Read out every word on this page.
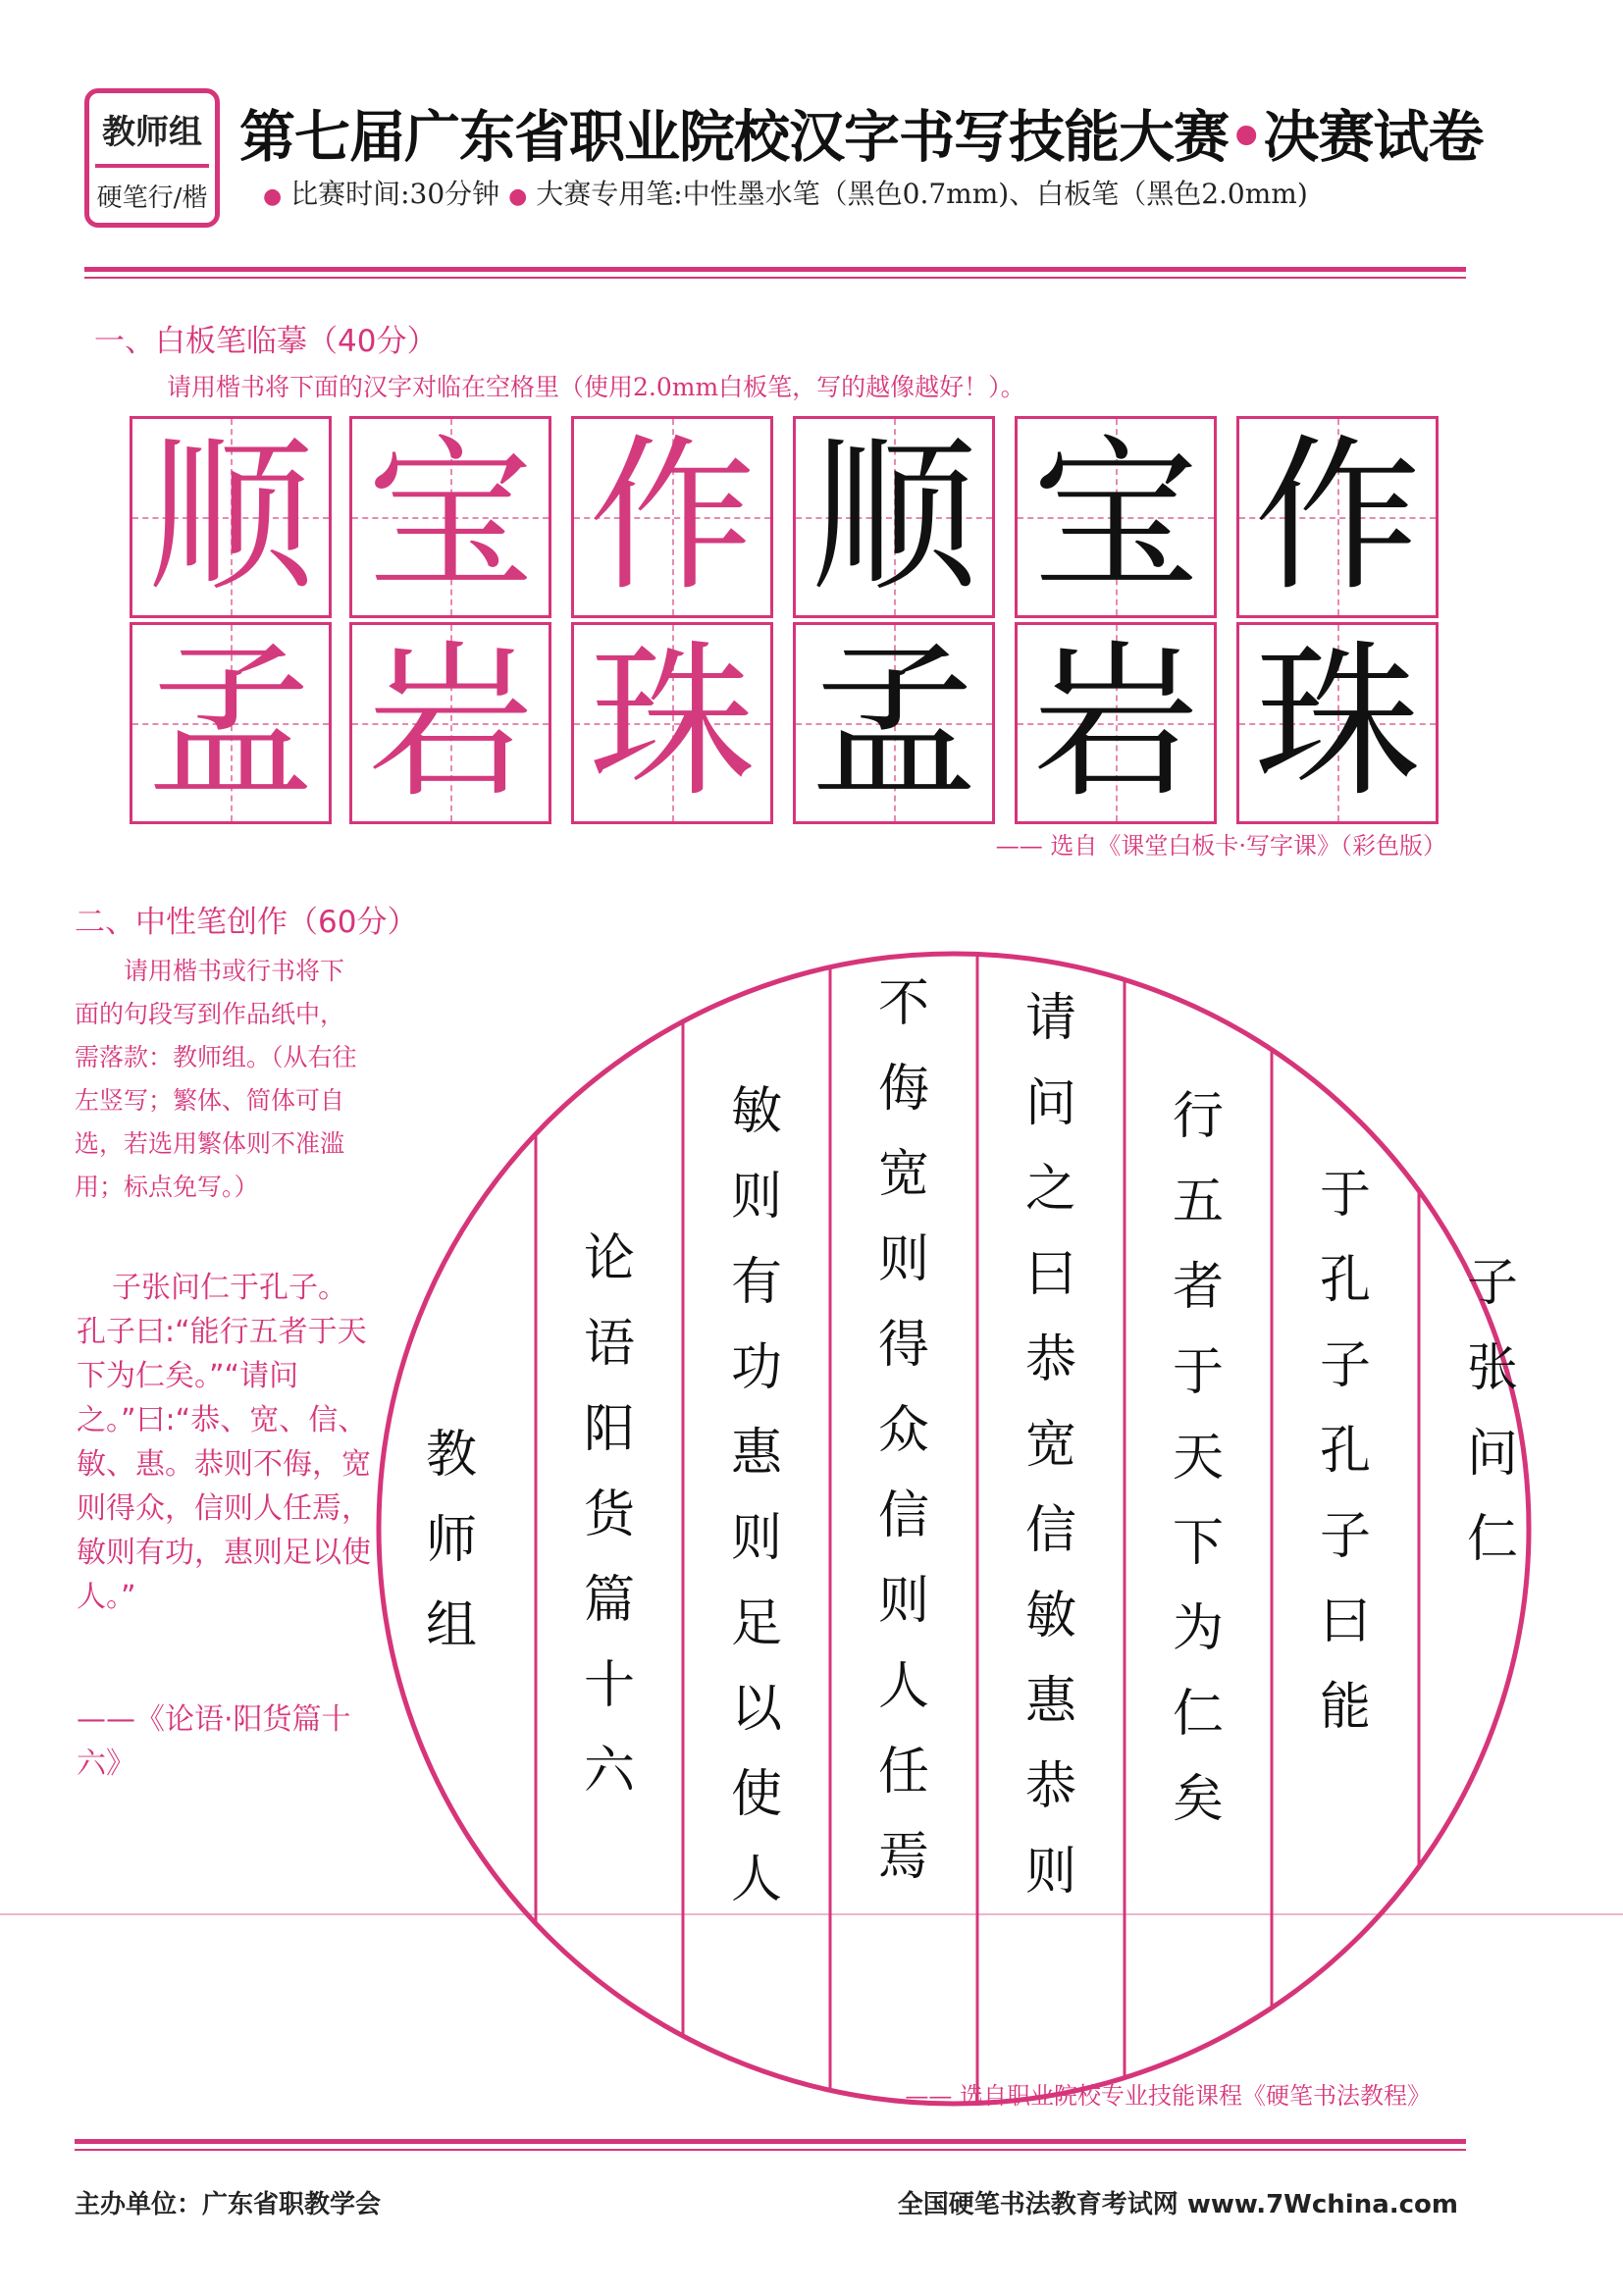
教师组
硬笔行/楷
第七届广东省职业院校汉字书写技能大赛•决赛试卷
● 比赛时间:30分钟 ● 大赛专用笔:中性墨水笔（黑色0.7mm)、白板笔（黑色2.0mm)
一、白板笔临摹（40分）
请用楷书将下面的汉字对临在空格里（使用2.0mm白板笔，写的越像越好！）。
顺 宝 作 顺 宝 作
孟 岩 珠 孟 岩 珠
—— 选自《课堂白板卡·写字课》（彩色版）
二、中性笔创作（60分）
请用楷书或行书将下面的句段写到作品纸中，需落款：教师组。（从右往左竖写；繁体、简体可自选，若选用繁体则不准滥用；标点免写。）
子张问仁于孔子。孔子曰:“能行五者于天下为仁矣。”“请问之。”曰:“恭、宽、信、敏、惠。恭则不侮，宽则得众，信则人任焉，敏则有功，惠则足以使人。”
——《论语·阳货篇十六》
子
张
问
仁
于
孔
子
孔
子
曰
能
行
五
者
于
天
下
为
仁
矣
请
问
之
曰
恭
宽
信
敏
惠
恭
则
不
侮
宽
则
得
众
信
则
人
任
焉
敏
则
有
功
惠
则
足
以
使
人
论
语
阳
货
篇
十
六
教
师
组
—— 选自职业院校专业技能课程《硬笔书法教程》
主办单位：广东省职教学会	全国硬笔书法教育考试网 www.7Wchina.com
